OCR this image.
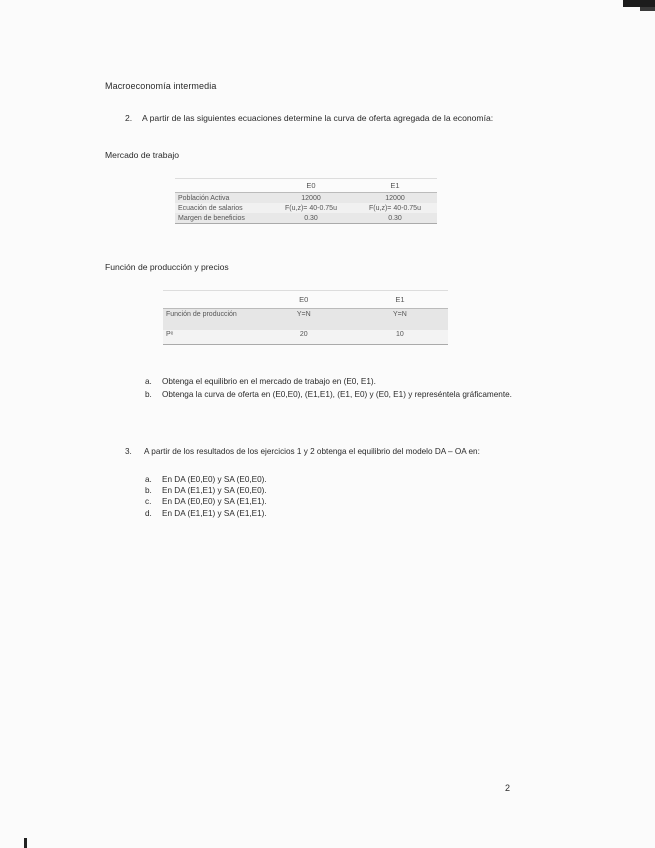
Macroeconomía intermedia
2. A partir de las siguientes ecuaciones determine la curva de oferta agregada de la economía:
Mercado de trabajo
	E0	E1
Población Activa	12000	12000
Ecuación de salarios	F(u,z)= 40-0.75u	F(u,z)= 40-0.75u
Margen de beneficios	0.30	0.30
Función de producción y precios
	E0	E1
Función de producción	Y=N	Y=N
Pᵉ	20	10
a. Obtenga el equilibrio en el mercado de trabajo en (E0, E1).
b. Obtenga la curva de oferta en (E0,E0), (E1,E1), (E1, E0) y (E0, E1) y represéntela gráficamente.
3. A partir de los resultados de los ejercicios 1 y 2 obtenga el equilibrio del modelo DA – OA en:
a. En DA (E0,E0) y SA (E0,E0).
b. En DA (E1,E1) y SA (E0,E0).
c. En DA (E0,E0) y SA (E1,E1).
d. En DA (E1,E1) y SA (E1,E1).
2
